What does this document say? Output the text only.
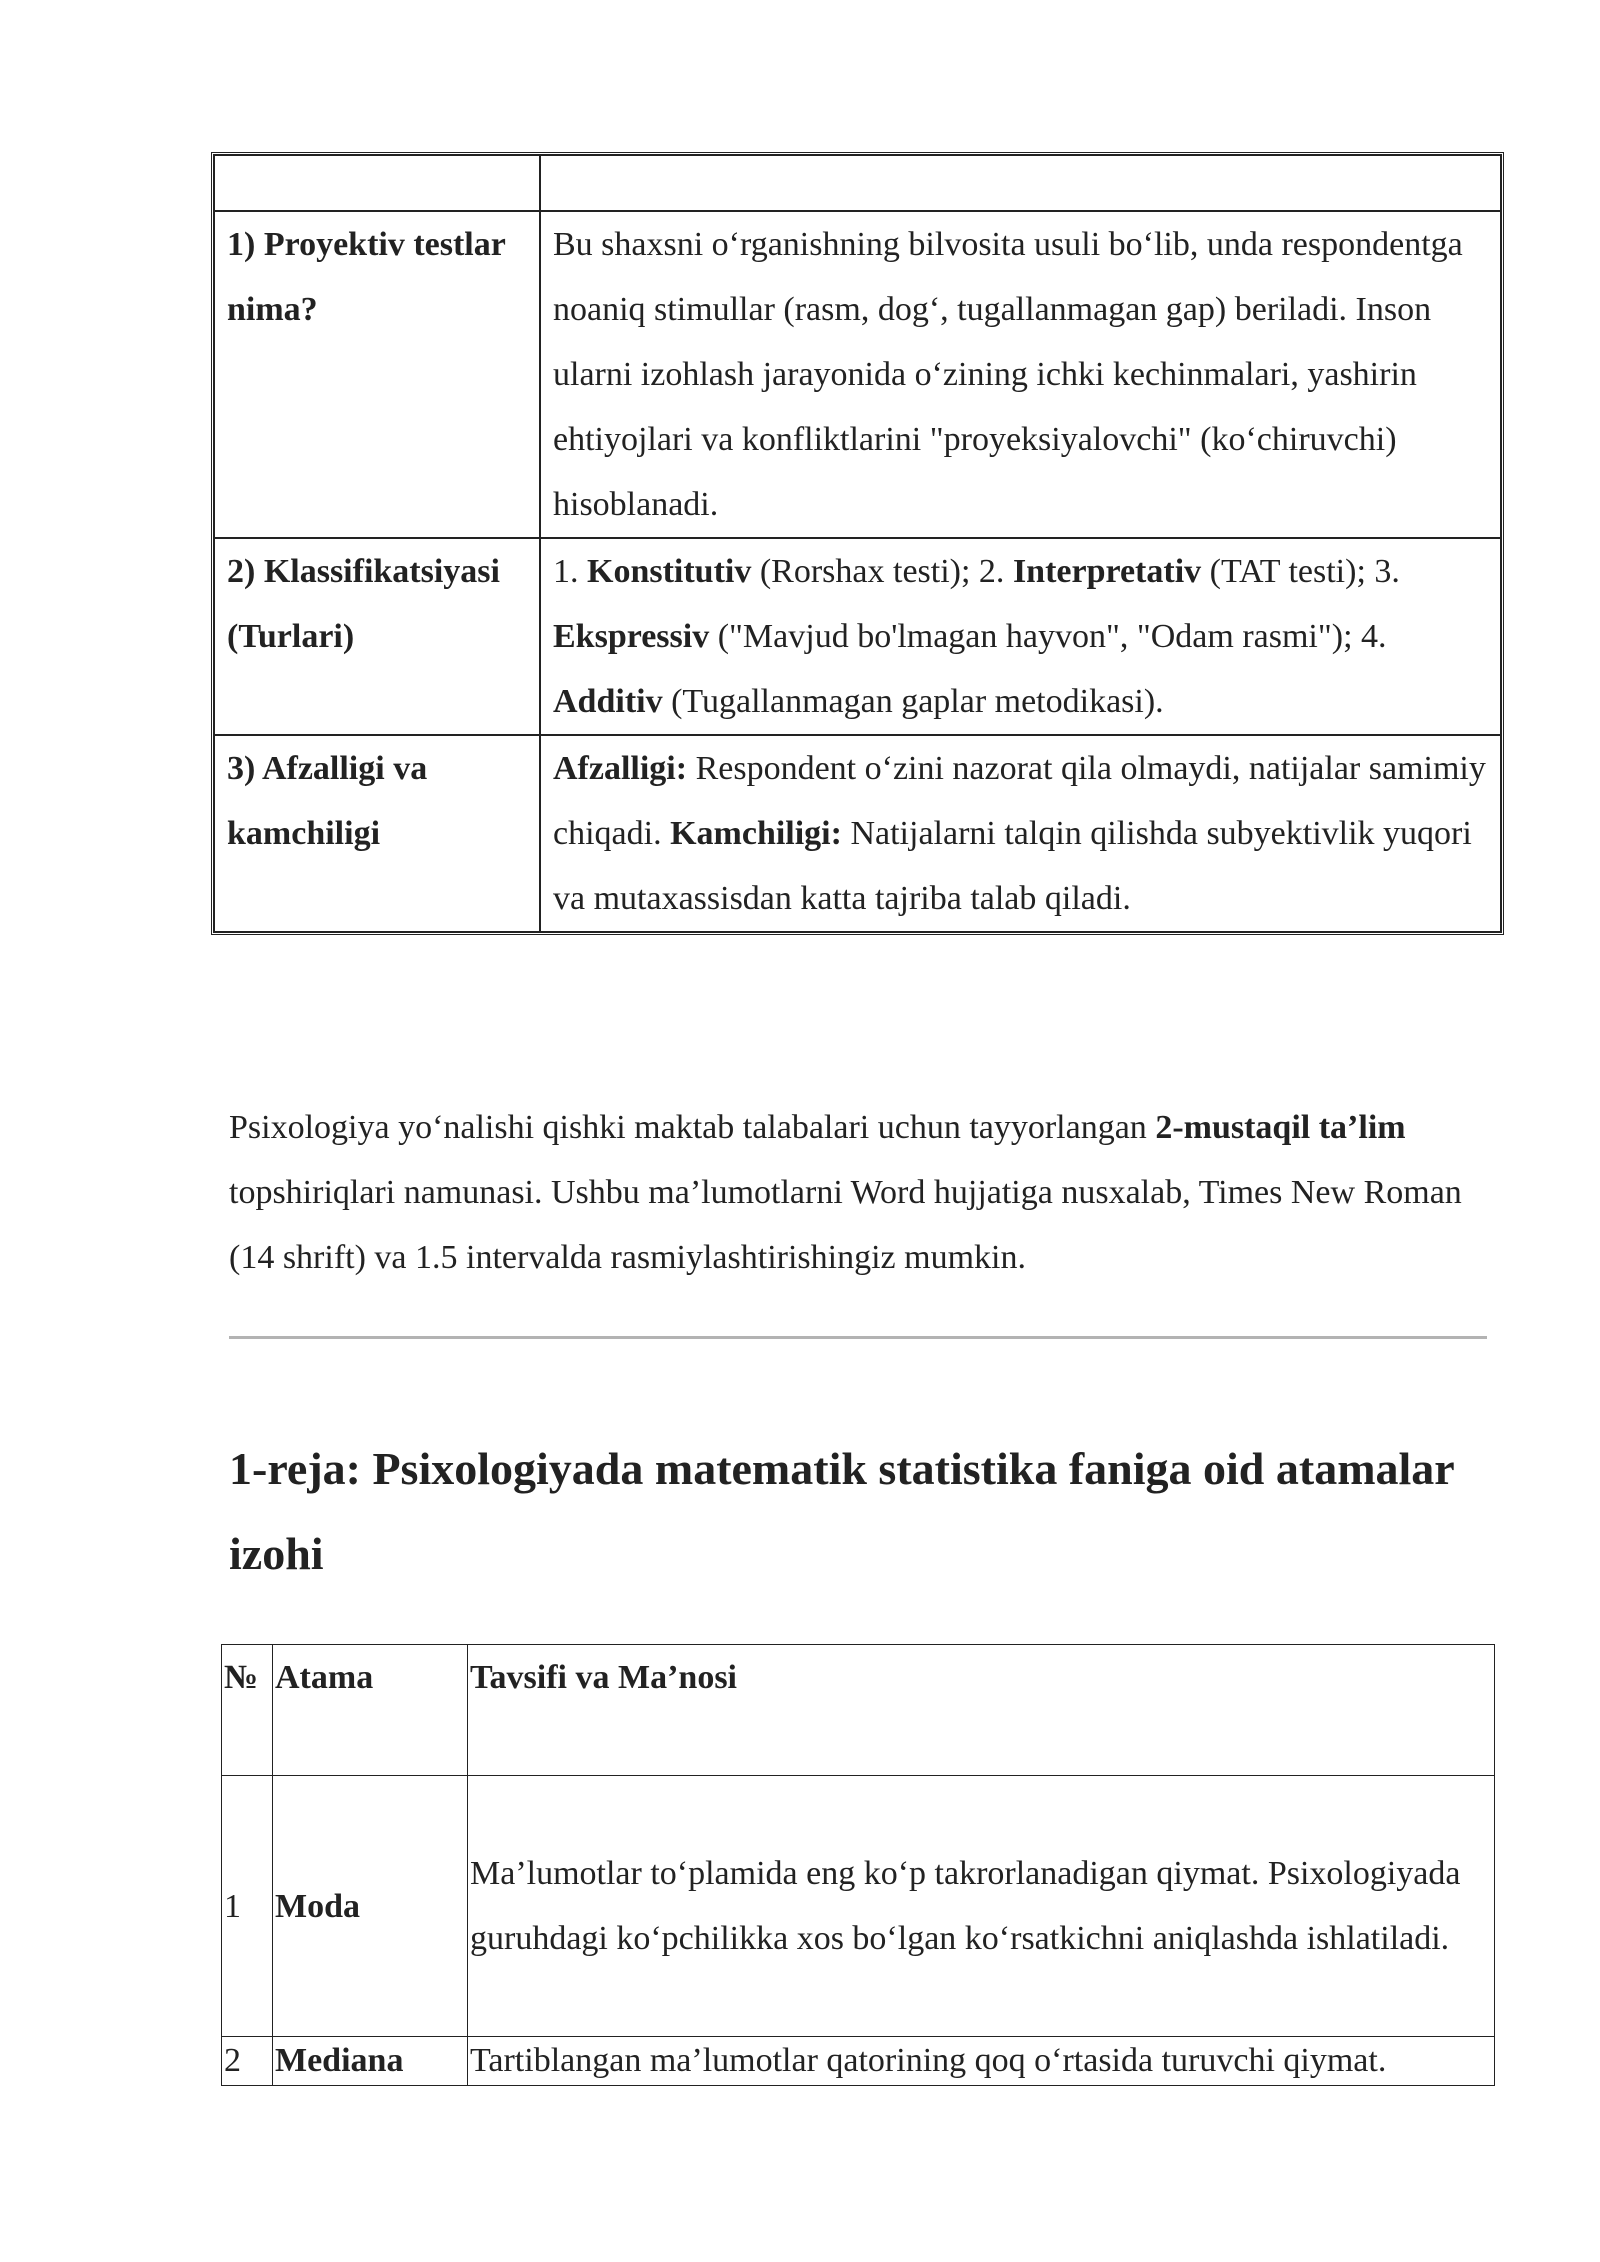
1) Proyektiv testlar nima?	Bu shaxsni o‘rganishning bilvosita usuli bo‘lib, unda respondentga noaniq stimullar (rasm, dog‘, tugallanmagan gap) beriladi. Inson ularni izohlash jarayonida o‘zining ichki kechinmalari, yashirin ehtiyojlari va konfliktlarini "proyeksiyalovchi" (ko‘chiruvchi) hisoblanadi.
2) Klassifikatsiyasi (Turlari)	1. Konstitutiv (Rorshax testi); 2. Interpretativ (TAT testi); 3. Ekspressiv ("Mavjud bo'lmagan hayvon", "Odam rasmi"); 4. Additiv (Tugallanmagan gaplar metodikasi).
3) Afzalligi va kamchiligi	Afzalligi: Respondent o‘zini nazorat qila olmaydi, natijalar samimiy chiqadi. Kamchiligi: Natijalarni talqin qilishda subyektivlik yuqori va mutaxassisdan katta tajriba talab qiladi.

Psixologiya yo‘nalishi qishki maktab talabalari uchun tayyorlangan 2-mustaqil ta’lim topshiriqlari namunasi. Ushbu ma’lumotlarni Word hujjatiga nusxalab, Times New Roman (14 shrift) va 1.5 intervalda rasmiylashtirishingiz mumkin.

1-reja: Psixologiyada matematik statistika faniga oid atamalar izohi
№	Atama	Tavsifi va Ma’nosi
1	Moda	Ma’lumotlar to‘plamida eng ko‘p takrorlanadigan qiymat. Psixologiyada guruhdagi ko‘pchilikka xos bo‘lgan ko‘rsatkichni aniqlashda ishlatiladi.
2	Mediana	Tartiblangan ma’lumotlar qatorining qoq o‘rtasida turuvchi qiymat.
